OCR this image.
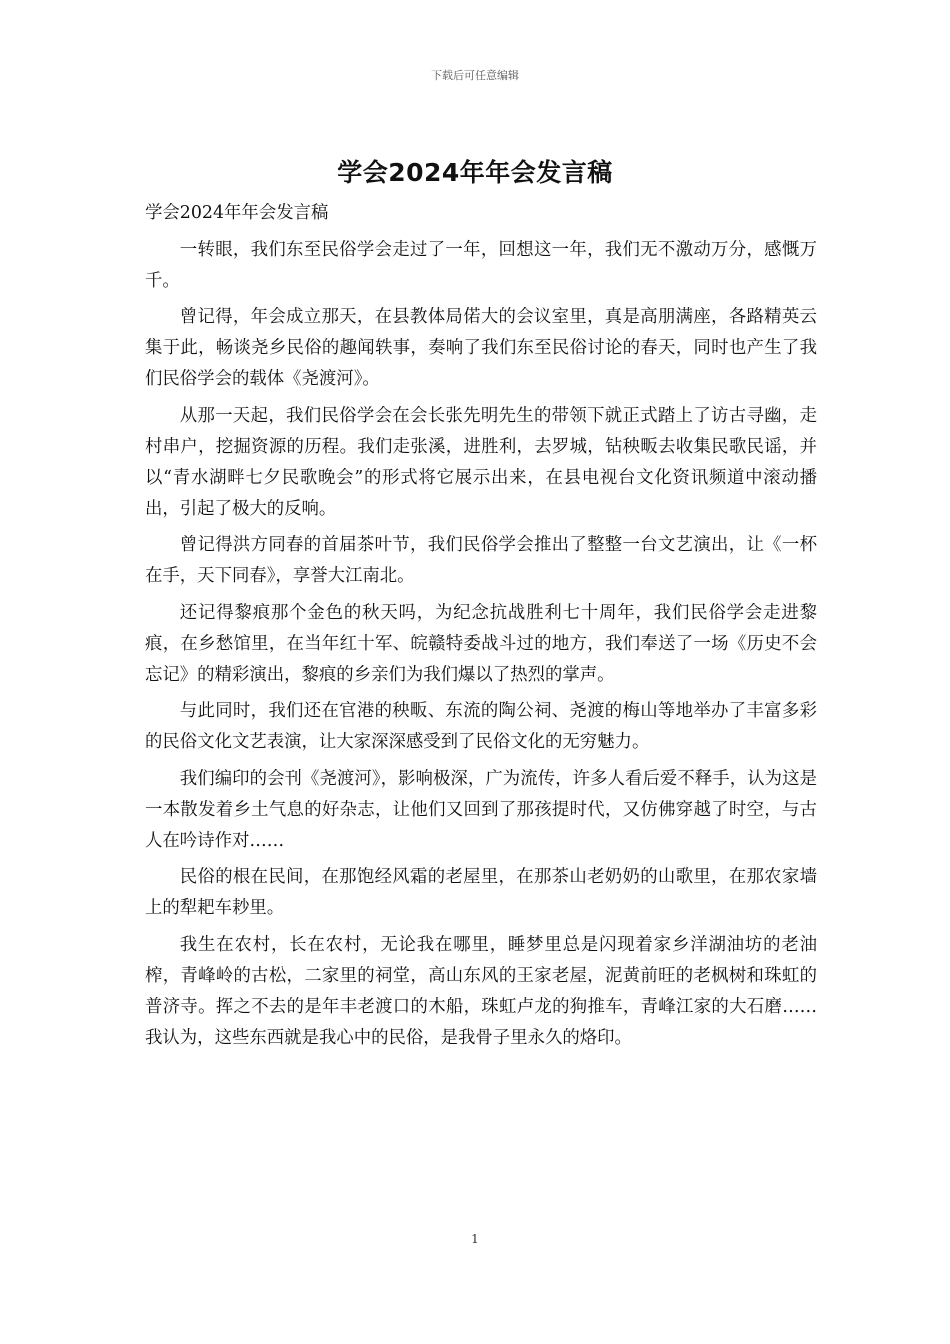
下载后可任意编辑
学会2024年年会发言稿

学会2024年年会发言稿

一转眼，我们东至民俗学会走过了一年，回想这一年，我们无不激动万分，感慨万千。

曾记得，年会成立那天，在县教体局偌大的会议室里，真是高朋满座，各路精英云集于此，畅谈尧乡民俗的趣闻轶事，奏响了我们东至民俗讨论的春天，同时也产生了我们民俗学会的载体《尧渡河》。

从那一天起，我们民俗学会在会长张先明先生的带领下就正式踏上了访古寻幽，走村串户，挖掘资源的历程。我们走张溪，进胜利，去罗城，钻秧畈去收集民歌民谣，并以“青水湖畔七夕民歌晚会”的形式将它展示出来，在县电视台文化资讯频道中滚动播出，引起了极大的反响。

曾记得洪方同春的首届茶叶节，我们民俗学会推出了整整一台文艺演出，让《一杯在手，天下同春》，享誉大江南北。

还记得黎痕那个金色的秋天吗，为纪念抗战胜利七十周年，我们民俗学会走进黎痕，在乡愁馆里，在当年红十军、皖赣特委战斗过的地方，我们奉送了一场《历史不会忘记》的精彩演出，黎痕的乡亲们为我们爆以了热烈的掌声。

与此同时，我们还在官港的秧畈、东流的陶公祠、尧渡的梅山等地举办了丰富多彩的民俗文化文艺表演，让大家深深感受到了民俗文化的无穷魅力。

我们编印的会刊《尧渡河》，影响极深，广为流传，许多人看后爱不释手，认为这是一本散发着乡土气息的好杂志，让他们又回到了那孩提时代，又仿佛穿越了时空，与古人在吟诗作对……

民俗的根在民间，在那饱经风霜的老屋里，在那茶山老奶奶的山歌里，在那农家墙上的犁耙车耖里。

我生在农村，长在农村，无论我在哪里，睡梦里总是闪现着家乡洋湖油坊的老油榨，青峰岭的古松，二家里的祠堂，高山东风的王家老屋，泥黄前旺的老枫树和珠虹的普济寺。挥之不去的是年丰老渡口的木船，珠虹卢龙的狗推车，青峰江家的大石磨……我认为，这些东西就是我心中的民俗，是我骨子里永久的烙印。

1
